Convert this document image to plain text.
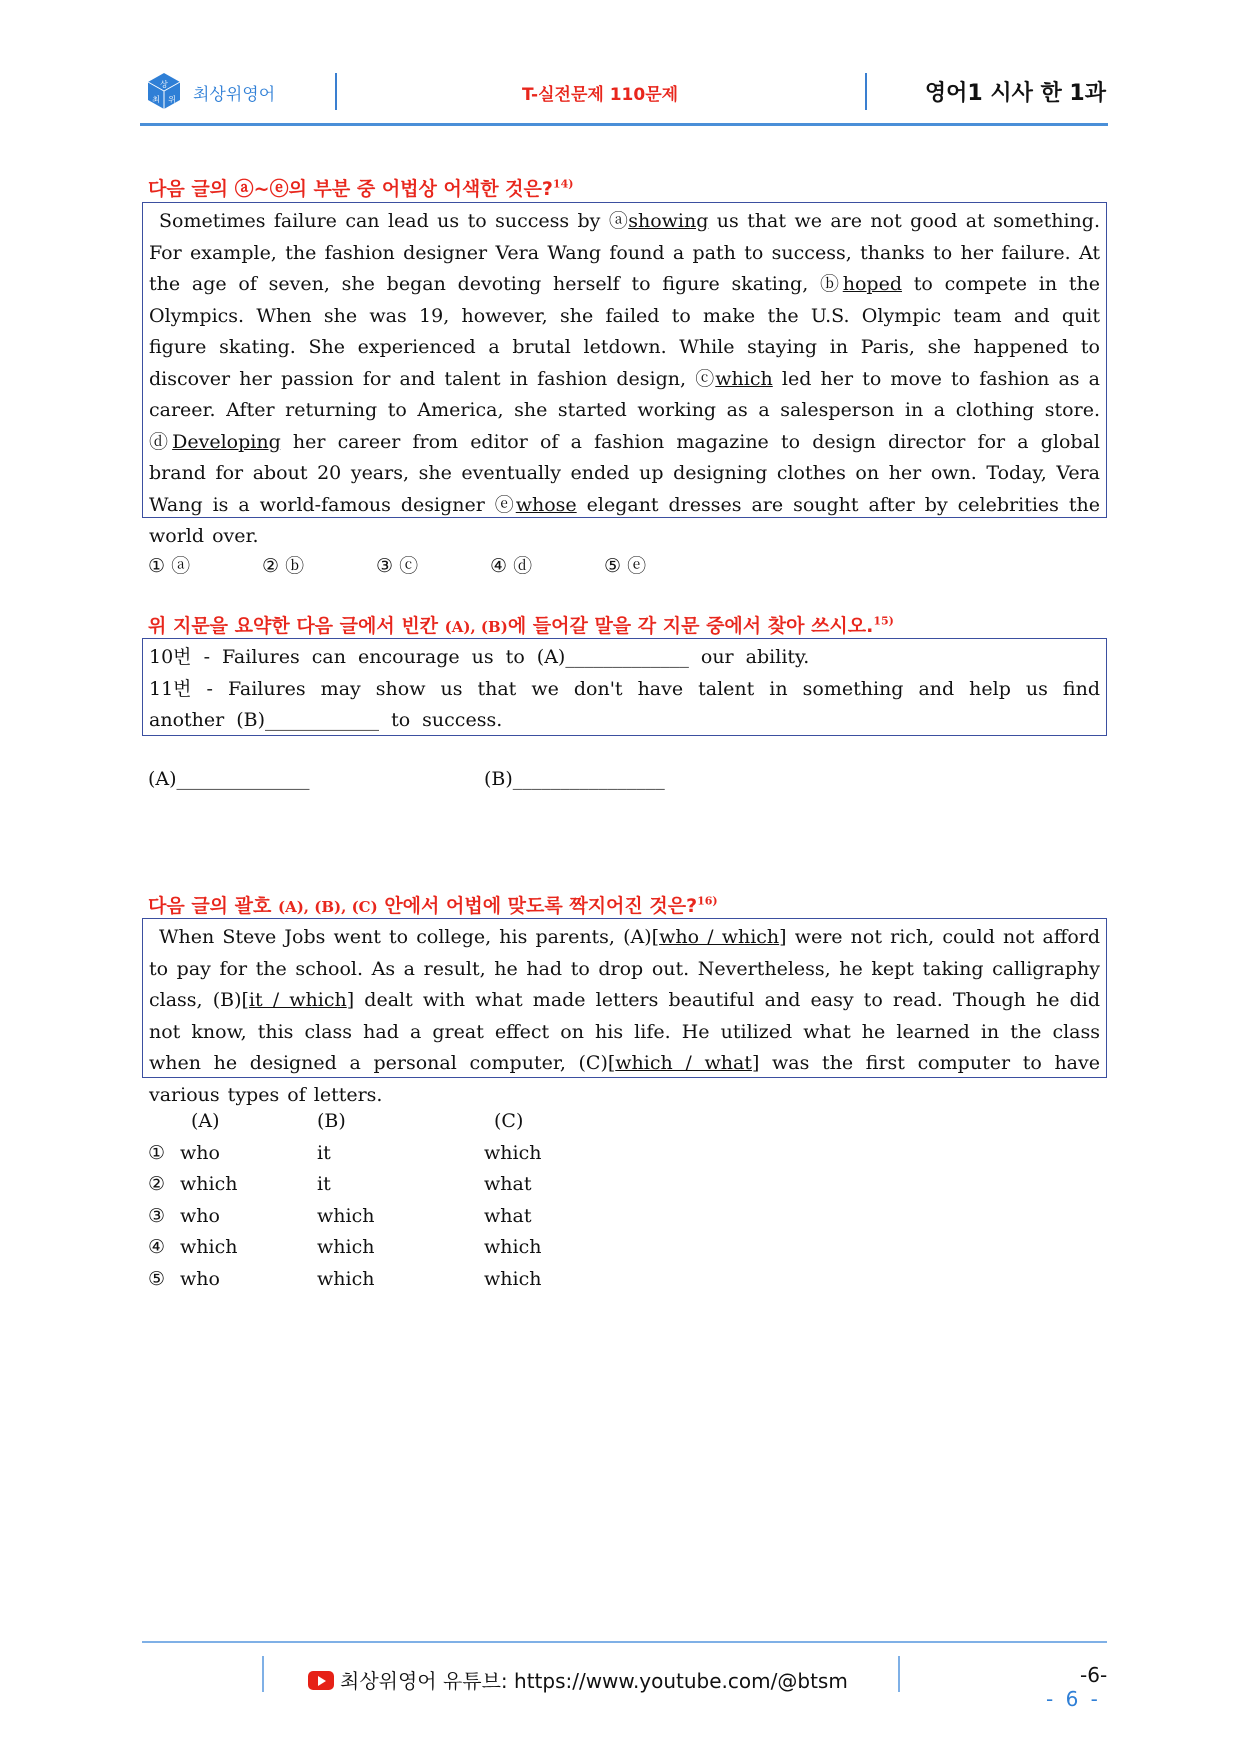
상
최 위 최상위영어	T-실전문제 110문제	영어1 시사 한 1과
다음 글의 ⓐ~ⓔ의 부분 중 어법상 어색한 것은?$^{14)}$
Sometimes failure can lead us to success by ⓐshowing us that we are not good at something. For example, the fashion designer Vera Wang found a path to success, thanks to her failure. At the age of seven, she began devoting herself to figure skating, ⓑhoped to compete in the Olympics. When she was 19, however, she failed to make the U.S. Olympic team and quit figure skating. She experienced a brutal letdown. While staying in Paris, she happened to discover her passion for and talent in fashion design, ⓒwhich led her to move to fashion as a career. After returning to America, she started working as a salesperson in a clothing store. ⓓDeveloping her career from editor of a fashion magazine to design director for a global brand for about 20 years, she eventually ended up designing clothes on her own. Today, Vera Wang is a world-famous designer ⓔwhose elegant dresses are sought after by celebrities the world over.
① ⓐ	② ⓑ	③ ⓒ	④ ⓓ	⑤ ⓔ
위 지문을 요약한 다음 글에서 빈칸 (A), (B)에 들어갈 말을 각 지문 중에서 찾아 쓰시오.$^{15)}$
10번 - Failures can encourage us to (A)_____________ our ability.
11번 - Failures may show us that we don't have talent in something and help us find another (B)____________ to success.
(A)______________	(B)________________
다음 글의 괄호 (A), (B), (C) 안에서 어법에 맞도록 짝지어진 것은?$^{16)}$
When Steve Jobs went to college, his parents, (A)[who / which] were not rich, could not afford to pay for the school. As a result, he had to drop out. Nevertheless, he kept taking calligraphy class, (B)[it / which] dealt with what made letters beautiful and easy to read. Though he did not know, this class had a great effect on his life. He utilized what he learned in the class when he designed a personal computer, (C)[which / what] was the first computer to have various types of letters.
(A)	(B)	(C)
① who	it	which
② which	it	what
③ who	which	what
④ which	which	which
⑤ who	which	which
최상위영어 유튜브: https://www.youtube.com/@btsm	-6-
- 6 -
